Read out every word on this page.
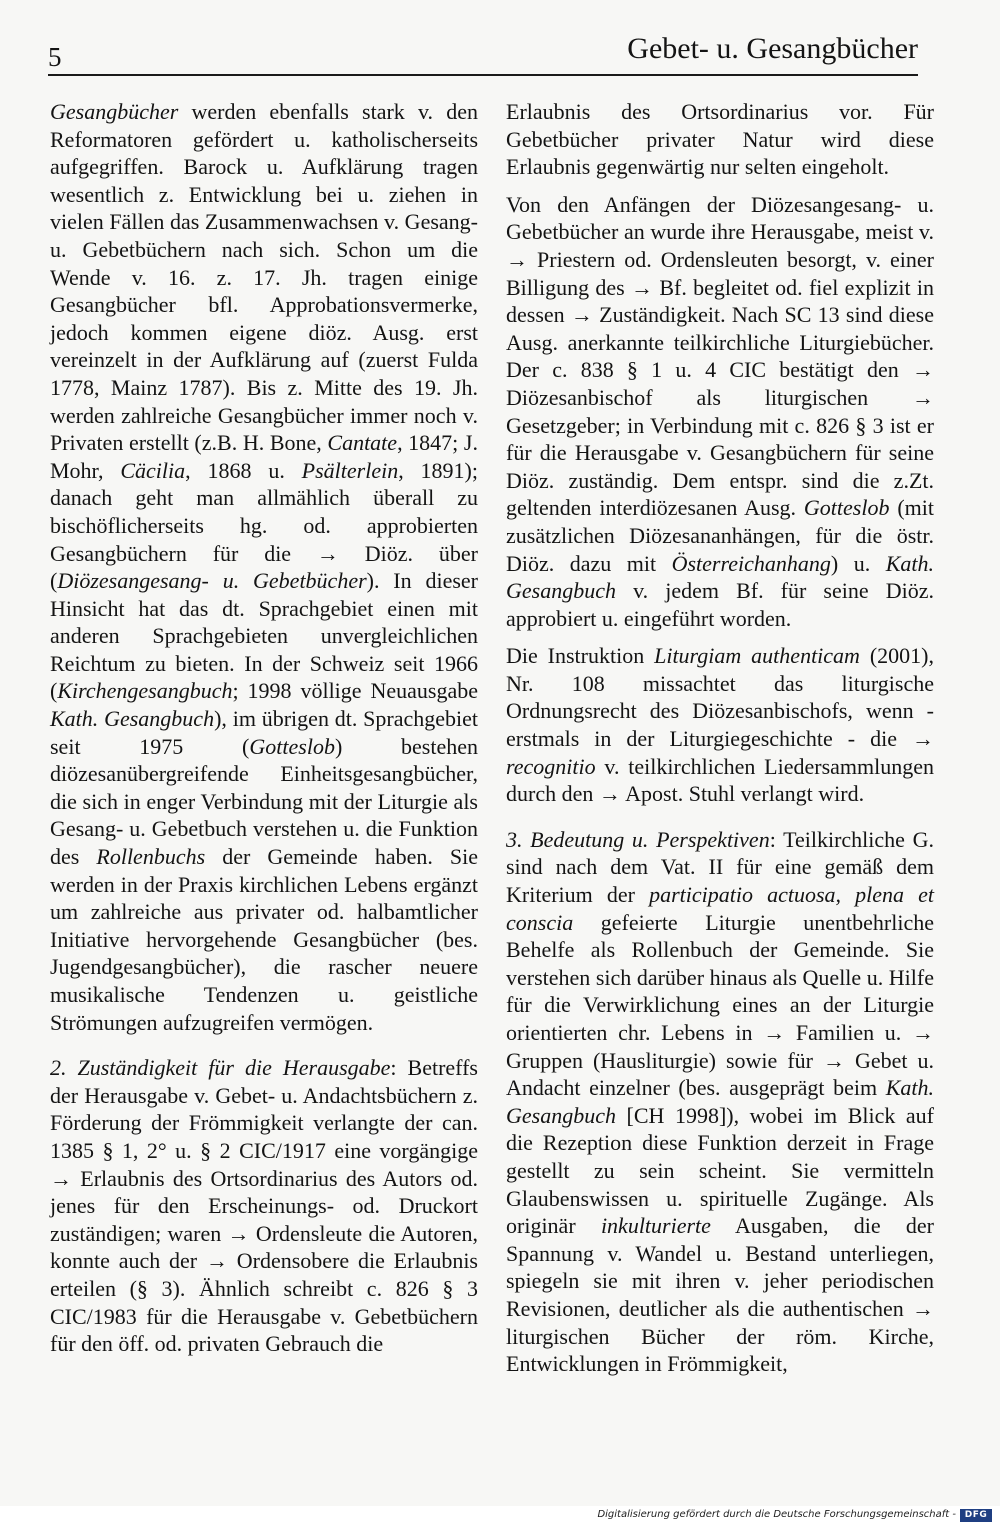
5	Gebet- u. Gesangbücher

Gesangbücher werden ebenfalls stark v. den Reformatoren gefördert u. katholischerseits aufgegriffen. Barock u. Aufklärung tragen wesentlich z. Entwicklung bei u. ziehen in vielen Fällen das Zusammenwachsen v. Gesang- u. Gebetbüchern nach sich. Schon um die Wende v. 16. z. 17. Jh. tragen einige Gesangbücher bfl. Approbationsvermerke, jedoch kommen eigene diöz. Ausg. erst vereinzelt in der Aufklärung auf (zuerst Fulda 1778, Mainz 1787). Bis z. Mitte des 19. Jh. werden zahlreiche Gesangbücher immer noch v. Privaten erstellt (z.B. H. Bone, Cantate, 1847; J. Mohr, Cäcilia, 1868 u. Psälterlein, 1891); danach geht man allmählich überall zu bischöflicherseits hg. od. approbierten Gesangbüchern für die → Diöz. über (Diözesangesang- u. Gebetbücher). In dieser Hinsicht hat das dt. Sprachgebiet einen mit anderen Sprachgebieten unvergleichlichen Reichtum zu bieten. In der Schweiz seit 1966 (Kirchengesangbuch; 1998 völlige Neuausgabe Kath. Gesangbuch), im übrigen dt. Sprachgebiet seit 1975 (Gotteslob) bestehen diözesanübergreifende Einheitsgesangbücher, die sich in enger Verbindung mit der Liturgie als Gesang- u. Gebetbuch verstehen u. die Funktion des Rollenbuchs der Gemeinde haben. Sie werden in der Praxis kirchlichen Lebens ergänzt um zahlreiche aus privater od. halbamtlicher Initiative hervorgehende Gesangbücher (bes. Jugendgesangbücher), die rascher neuere musikalische Tendenzen u. geistliche Strömungen aufzugreifen vermögen.

2. Zuständigkeit für die Herausgabe: Betreffs der Herausgabe v. Gebet- u. Andachtsbüchern z. Förderung der Frömmigkeit verlangte der can. 1385 § 1, 2° u. § 2 CIC/1917 eine vorgängige → Erlaubnis des Ortsordinarius des Autors od. jenes für den Erscheinungs- od. Druckort zuständigen; waren → Ordensleute die Autoren, konnte auch der → Ordensobere die Erlaubnis erteilen (§ 3). Ähnlich schreibt c. 826 § 3 CIC/1983 für die Herausgabe v. Gebetbüchern für den öff. od. privaten Gebrauch die

Erlaubnis des Ortsordinarius vor. Für Gebetbücher privater Natur wird diese Erlaubnis gegenwärtig nur selten eingeholt.

Von den Anfängen der Diözesangesang- u. Gebetbücher an wurde ihre Herausgabe, meist v. → Priestern od. Ordensleuten besorgt, v. einer Billigung des → Bf. begleitet od. fiel explizit in dessen → Zuständigkeit. Nach SC 13 sind diese Ausg. anerkannte teilkirchliche Liturgiebücher. Der c. 838 § 1 u. 4 CIC bestätigt den → Diözesanbischof als liturgischen → Gesetzgeber; in Verbindung mit c. 826 § 3 ist er für die Herausgabe v. Gesangbüchern für seine Diöz. zuständig. Dem entspr. sind die z.Zt. geltenden interdiözesanen Ausg. Gotteslob (mit zusätzlichen Diözesananhängen, für die östr. Diöz. dazu mit Österreichanhang) u. Kath. Gesangbuch v. jedem Bf. für seine Diöz. approbiert u. eingeführt worden.

Die Instruktion Liturgiam authenticam (2001), Nr. 108 missachtet das liturgische Ordnungsrecht des Diözesanbischofs, wenn - erstmals in der Liturgiegeschichte - die → recognitio v. teilkirchlichen Liedersammlungen durch den → Apost. Stuhl verlangt wird.

3. Bedeutung u. Perspektiven: Teilkirchliche G. sind nach dem Vat. II für eine gemäß dem Kriterium der participatio actuosa, plena et conscia gefeierte Liturgie unentbehrliche Behelfe als Rollenbuch der Gemeinde. Sie verstehen sich darüber hinaus als Quelle u. Hilfe für die Verwirklichung eines an der Liturgie orientierten chr. Lebens in → Familien u. → Gruppen (Hausliturgie) sowie für → Gebet u. Andacht einzelner (bes. ausgeprägt beim Kath. Gesangbuch [CH 1998]), wobei im Blick auf die Rezeption diese Funktion derzeit in Frage gestellt zu sein scheint. Sie vermitteln Glaubenswissen u. spirituelle Zugänge. Als originär inkulturierte Ausgaben, die der Spannung v. Wandel u. Bestand unterliegen, spiegeln sie mit ihren v. jeher periodischen Revisionen, deutlicher als die authentischen → liturgischen Bücher der röm. Kirche, Entwicklungen in Frömmigkeit,

Digitalisierung gefördert durch die Deutsche Forschungsgemeinschaft - DFG
